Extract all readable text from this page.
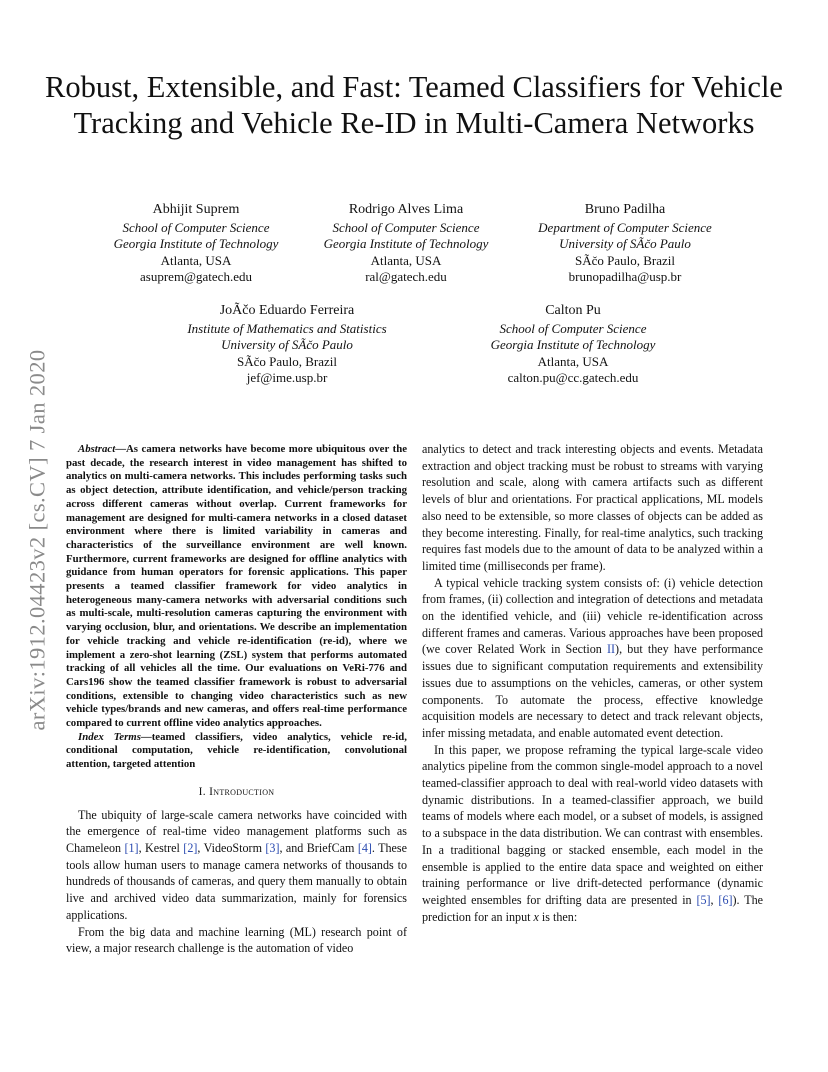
arXiv:1912.04423v2 [cs.CV] 7 Jan 2020
Robust, Extensible, and Fast: Teamed Classifiers for Vehicle Tracking and Vehicle Re-ID in Multi-Camera Networks
Abhijit Suprem
School of Computer Science
Georgia Institute of Technology
Atlanta, USA
asuprem@gatech.edu
Rodrigo Alves Lima
School of Computer Science
Georgia Institute of Technology
Atlanta, USA
ral@gatech.edu
Bruno Padilha
Department of Computer Science
University of SÃčo Paulo
SÃčo Paulo, Brazil
brunopadilha@usp.br
JoÃčo Eduardo Ferreira
Institute of Mathematics and Statistics
University of SÃčo Paulo
SÃčo Paulo, Brazil
jef@ime.usp.br
Calton Pu
School of Computer Science
Georgia Institute of Technology
Atlanta, USA
calton.pu@cc.gatech.edu

Abstract—As camera networks have become more ubiquitous over the past decade, the research interest in video management has shifted to analytics on multi-camera networks. This includes performing tasks such as object detection, attribute identification, and vehicle/person tracking across different cameras without overlap. Current frameworks for management are designed for multi-camera networks in a closed dataset environment where there is limited variability in cameras and characteristics of the surveillance environment are well known. Furthermore, current frameworks are designed for offline analytics with guidance from human operators for forensic applications. This paper presents a teamed classifier framework for video analytics in heterogeneous many-camera networks with adversarial conditions such as multi-scale, multi-resolution cameras capturing the environment with varying occlusion, blur, and orientations. We describe an implementation for vehicle tracking and vehicle re-identification (re-id), where we implement a zero-shot learning (ZSL) system that performs automated tracking of all vehicles all the time. Our evaluations on VeRi-776 and Cars196 show the teamed classifier framework is robust to adversarial conditions, extensible to changing video characteristics such as new vehicle types/brands and new cameras, and offers real-time performance compared to current offline video analytics approaches.

Index Terms—teamed classifiers, video analytics, vehicle re-id, conditional computation, vehicle re-identification, convolutional attention, targeted attention

I. Introduction

The ubiquity of large-scale camera networks have coincided with the emergence of real-time video management platforms such as Chameleon [1], Kestrel [2], VideoStorm [3], and BriefCam [4]. These tools allow human users to manage camera networks of thousands to hundreds of thousands of cameras, and query them manually to obtain live and archived video data summarization, mainly for forensics applications.

From the big data and machine learning (ML) research point of view, a major research challenge is the automation of video

analytics to detect and track interesting objects and events. Metadata extraction and object tracking must be robust to streams with varying resolution and scale, along with camera artifacts such as different levels of blur and orientations. For practical applications, ML models also need to be extensible, so more classes of objects can be added as they become interesting. Finally, for real-time analytics, such tracking requires fast models due to the amount of data to be analyzed within a limited time (milliseconds per frame).

A typical vehicle tracking system consists of: (i) vehicle detection from frames, (ii) collection and integration of detections and metadata on the identified vehicle, and (iii) vehicle re-identification across different frames and cameras. Various approaches have been proposed (we cover Related Work in Section II), but they have performance issues due to significant computation requirements and extensibility issues due to assumptions on the vehicles, cameras, or other system components. To automate the process, effective knowledge acquisition models are necessary to detect and track relevant objects, infer missing metadata, and enable automated event detection.

In this paper, we propose reframing the typical large-scale video analytics pipeline from the common single-model approach to a novel teamed-classifier approach to deal with real-world video datasets with dynamic distributions. In a teamed-classifier approach, we build teams of models where each model, or a subset of models, is assigned to a subspace in the data distribution. We can contrast with ensembles. In a traditional bagging or stacked ensemble, each model in the ensemble is applied to the entire data space and weighted on either training performance or live drift-detected performance (dynamic weighted ensembles for drifting data are presented in [5], [6]). The prediction for an input x is then:
